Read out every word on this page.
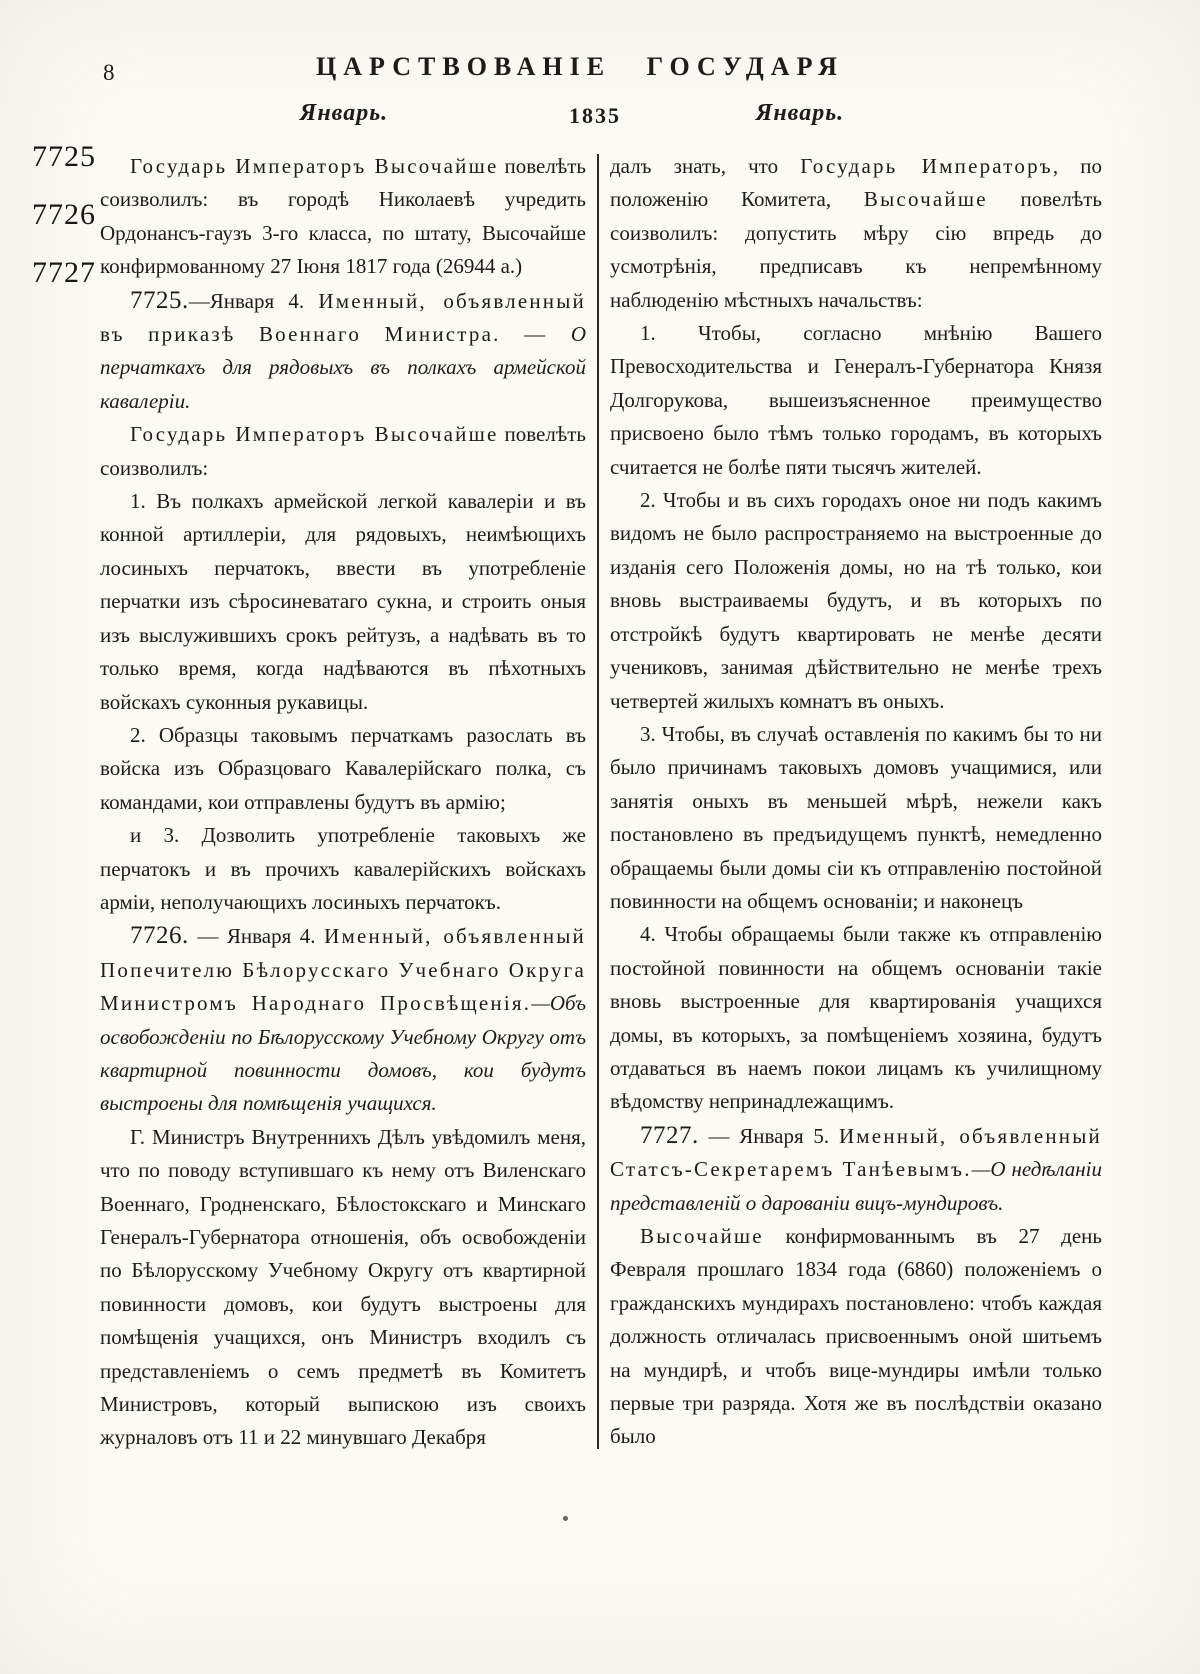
8	ЦАРСТВОВАНІЕ ГОСУДАРЯ
Январь.	1835	Январь.
7725
7726
7727

Государь Императоръ Высочайше повелѣть соизволилъ: въ городѣ Николаевѣ учредить Ордонансъ-гаузъ 3-го класса, по штату, Высочайше конфирмованному 27 Іюня 1817 года (26944 а.)

7725.—Января 4. Именный, объявленный въ приказѣ Военнаго Министра. — О перчаткахъ для рядовыхъ въ полкахъ армейской кавалеріи.

Государь Императоръ Высочайше повелѣть соизволилъ:

1. Въ полкахъ армейской легкой кавалеріи и въ конной артиллеріи, для рядовыхъ, неимѣющихъ лосиныхъ перчатокъ, ввести въ употребленіе перчатки изъ сѣросиневатаго сукна, и строить оныя изъ выслужившихъ срокъ рейтузъ, а надѣвать въ то только время, когда надѣваются въ пѣхотныхъ войскахъ суконныя рукавицы.

2. Образцы таковымъ перчаткамъ разослать въ войска изъ Образцоваго Кавалерійскаго полка, съ командами, кои отправлены будутъ въ армію;

и 3. Дозволить употребленіе таковыхъ же перчатокъ и въ прочихъ кавалерійскихъ войскахъ арміи, неполучающихъ лосиныхъ перчатокъ.

7726. — Января 4. Именный, объявленный Попечителю Бѣлорусскаго Учебнаго Округа Министромъ Народнаго Просвѣщенія.—Объ освобожденіи по Бѣлорусскому Учебному Округу отъ квартирной повинности домовъ, кои будутъ выстроены для помѣщенія учащихся.

Г. Министръ Внутреннихъ Дѣлъ увѣдомилъ меня, что по поводу вступившаго къ нему отъ Виленскаго Военнаго, Гродненскаго, Бѣлостокскаго и Минскаго Генералъ-Губернатора отношенія, объ освобожденіи по Бѣлорусскому Учебному Округу отъ квартирной повинности домовъ, кои будутъ выстроены для помѣщенія учащихся, онъ Министръ входилъ съ представленіемъ о семъ предметѣ въ Комитетъ Министровъ, который выпискою изъ своихъ журналовъ отъ 11 и 22 минувшаго Декабря

далъ знать, что Государь Императоръ, по положенію Комитета, Высочайше повелѣть соизволилъ: допустить мѣру сію впредь до усмотрѣнія, предписавъ къ непремѣнному наблюденію мѣстныхъ начальствъ:

1. Чтобы, согласно мнѣнію Вашего Превосходительства и Генералъ-Губернатора Князя Долгорукова, вышеизъясненное преимущество присвоено было тѣмъ только городамъ, въ которыхъ считается не болѣе пяти тысячъ жителей.

2. Чтобы и въ сихъ городахъ оное ни подъ какимъ видомъ не было распространяемо на выстроенные до изданія сего Положенія домы, но на тѣ только, кои вновь выстраиваемы будутъ, и въ которыхъ по отстройкѣ будутъ квартировать не менѣе десяти учениковъ, занимая дѣйствительно не менѣе трехъ четвертей жилыхъ комнатъ въ оныхъ.

3. Чтобы, въ случаѣ оставленія по какимъ бы то ни было причинамъ таковыхъ домовъ учащимися, или занятія оныхъ въ меньшей мѣрѣ, нежели какъ постановлено въ предъидущемъ пунктѣ, немедленно обращаемы были домы сіи къ отправленію постойной повинности на общемъ основаніи; и наконецъ

4. Чтобы обращаемы были также къ отправленію постойной повинности на общемъ основаніи такіе вновь выстроенные для квартированія учащихся домы, въ которыхъ, за помѣщеніемъ хозяина, будутъ отдаваться въ наемъ покои лицамъ къ училищному вѣдомству непринадлежащимъ.

7727. — Января 5. Именный, объявленный Статсъ-Секретаремъ Танѣевымъ.—О недѣланіи представленій о дарованіи вицъ-мундировъ.

Высочайше конфирмованнымъ въ 27 день Февраля прошлаго 1834 года (6860) положеніемъ о гражданскихъ мундирахъ постановлено: чтобъ каждая должность отличалась присвоеннымъ оной шитьемъ на мундирѣ, и чтобъ вице-мундиры имѣли только первые три разряда. Хотя же въ послѣдствіи оказано было
